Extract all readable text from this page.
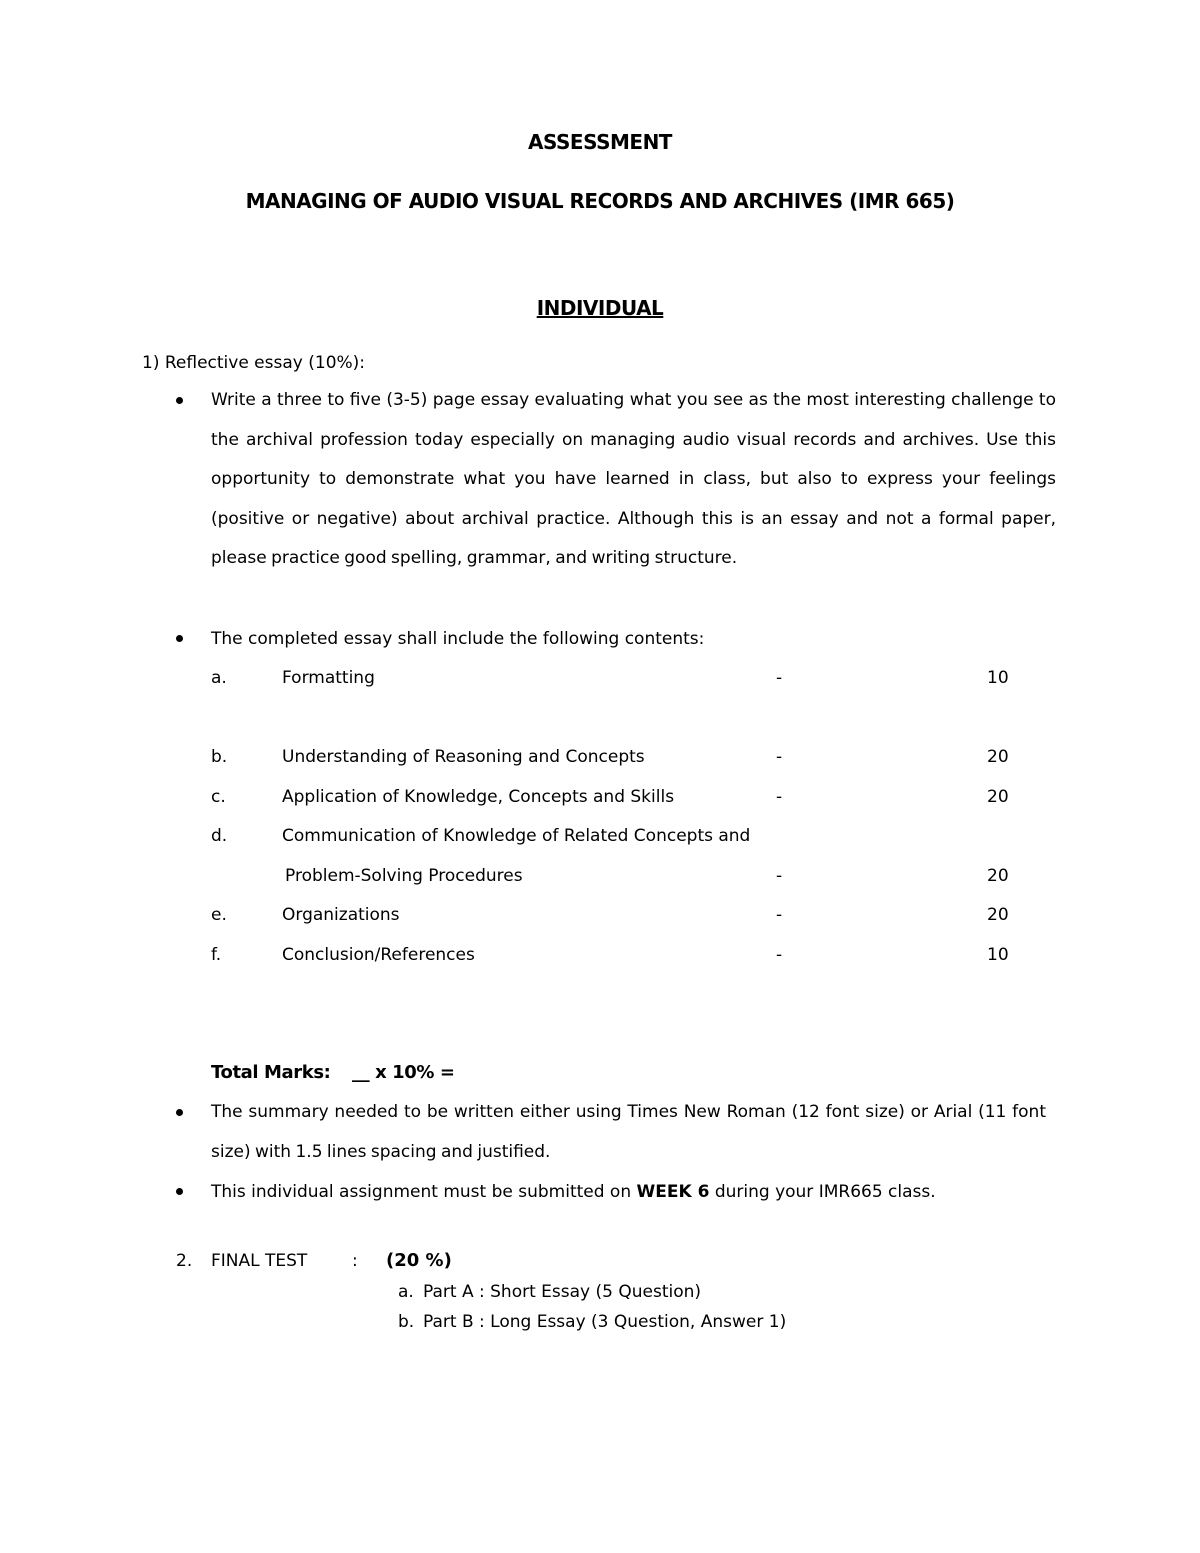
ASSESSMENT
MANAGING OF AUDIO VISUAL RECORDS AND ARCHIVES (IMR 665)
INDIVIDUAL
1) Reflective essay (10%):
Write a three to five (3-5) page essay evaluating what you see as the most interesting challenge to the archival profession today especially on managing audio visual records and archives. Use this opportunity to demonstrate what you have learned in class, but also to express your feelings (positive or negative) about archival practice. Although this is an essay and not a formal paper, please practice good spelling, grammar, and writing structure.
The completed essay shall include the following contents:
a.	Formatting	-	10
b.	Understanding of Reasoning and Concepts	-	20
c.	Application of Knowledge, Concepts and Skills	-	20
d.	Communication of Knowledge of Related Concepts and
Problem-Solving Procedures	-	20
e.	Organizations	-	20
f.	Conclusion/References	-	10
Total Marks: __ x 10% =
The summary needed to be written either using Times New Roman (12 font size) or Arial (11 font size) with 1.5 lines spacing and justified.
This individual assignment must be submitted on WEEK 6 during your IMR665 class.
2. FINAL TEST	: (20 %)
a. Part A : Short Essay (5 Question)
b. Part B : Long Essay (3 Question, Answer 1)
